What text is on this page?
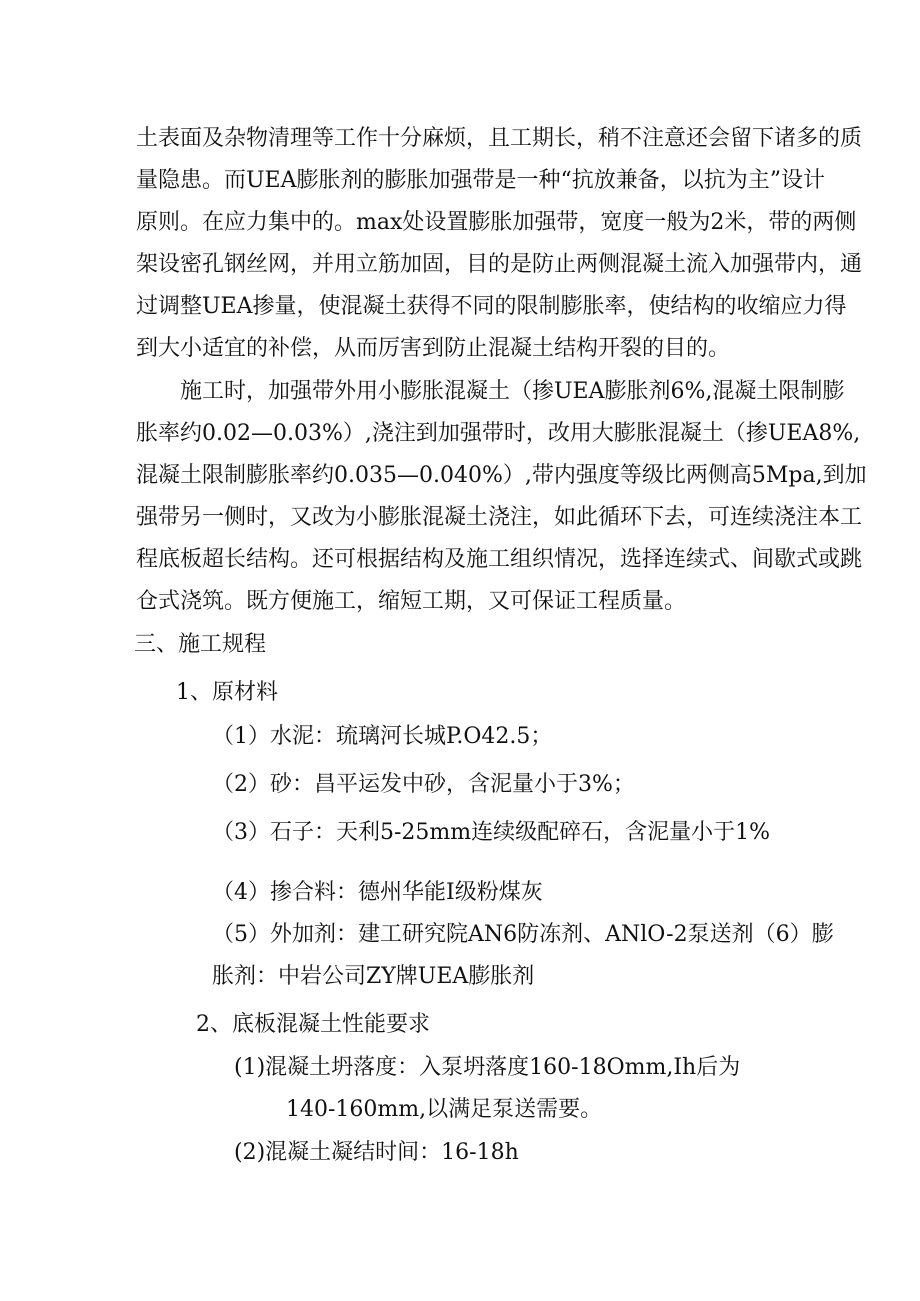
土表面及杂物清理等工作十分麻烦，且工期长，稍不注意还会留下诸多的质
量隐患。而UEA膨胀剂的膨胀加强带是一种“抗放兼备，以抗为主”设计
原则。在应力集中的。max处设置膨胀加强带，宽度一般为2米，带的两侧
架设密孔钢丝网，并用立筋加固，目的是防止两侧混凝土流入加强带内，通
过调整UEA掺量，使混凝土获得不同的限制膨胀率，使结构的收缩应力得
到大小适宜的补偿，从而厉害到防止混凝土结构开裂的目的。
施工时，加强带外用小膨胀混凝土（掺UEA膨胀剂6%,混凝土限制膨
胀率约0.02—0.03%）,浇注到加强带时，改用大膨胀混凝土（掺UEA8%,
混凝土限制膨胀率约0.035—0.040%）,带内强度等级比两侧高5Mpa,到加
强带另一侧时，又改为小膨胀混凝土浇注，如此循环下去，可连续浇注本工
程底板超长结构。还可根据结构及施工组织情况，选择连续式、间歇式或跳
仓式浇筑。既方便施工，缩短工期，又可保证工程质量。
三、施工规程
1、原材料
（1）水泥：琉璃河长城P.O42.5；
（2）砂：昌平运发中砂，含泥量小于3%；
（3）石子：天利5-25mm连续级配碎石，含泥量小于1%
（4）掺合料：德州华能I级粉煤灰
（5）外加剂：建工研究院AN6防冻剂、ANlO-2泵送剂（6）膨
胀剂：中岩公司ZY牌UEA膨胀剂
2、底板混凝土性能要求
(1)混凝土坍落度：入泵坍落度160-18Omm,Ih后为
140-160mm,以满足泵送需要。
(2)混凝土凝结时间：16-18h
